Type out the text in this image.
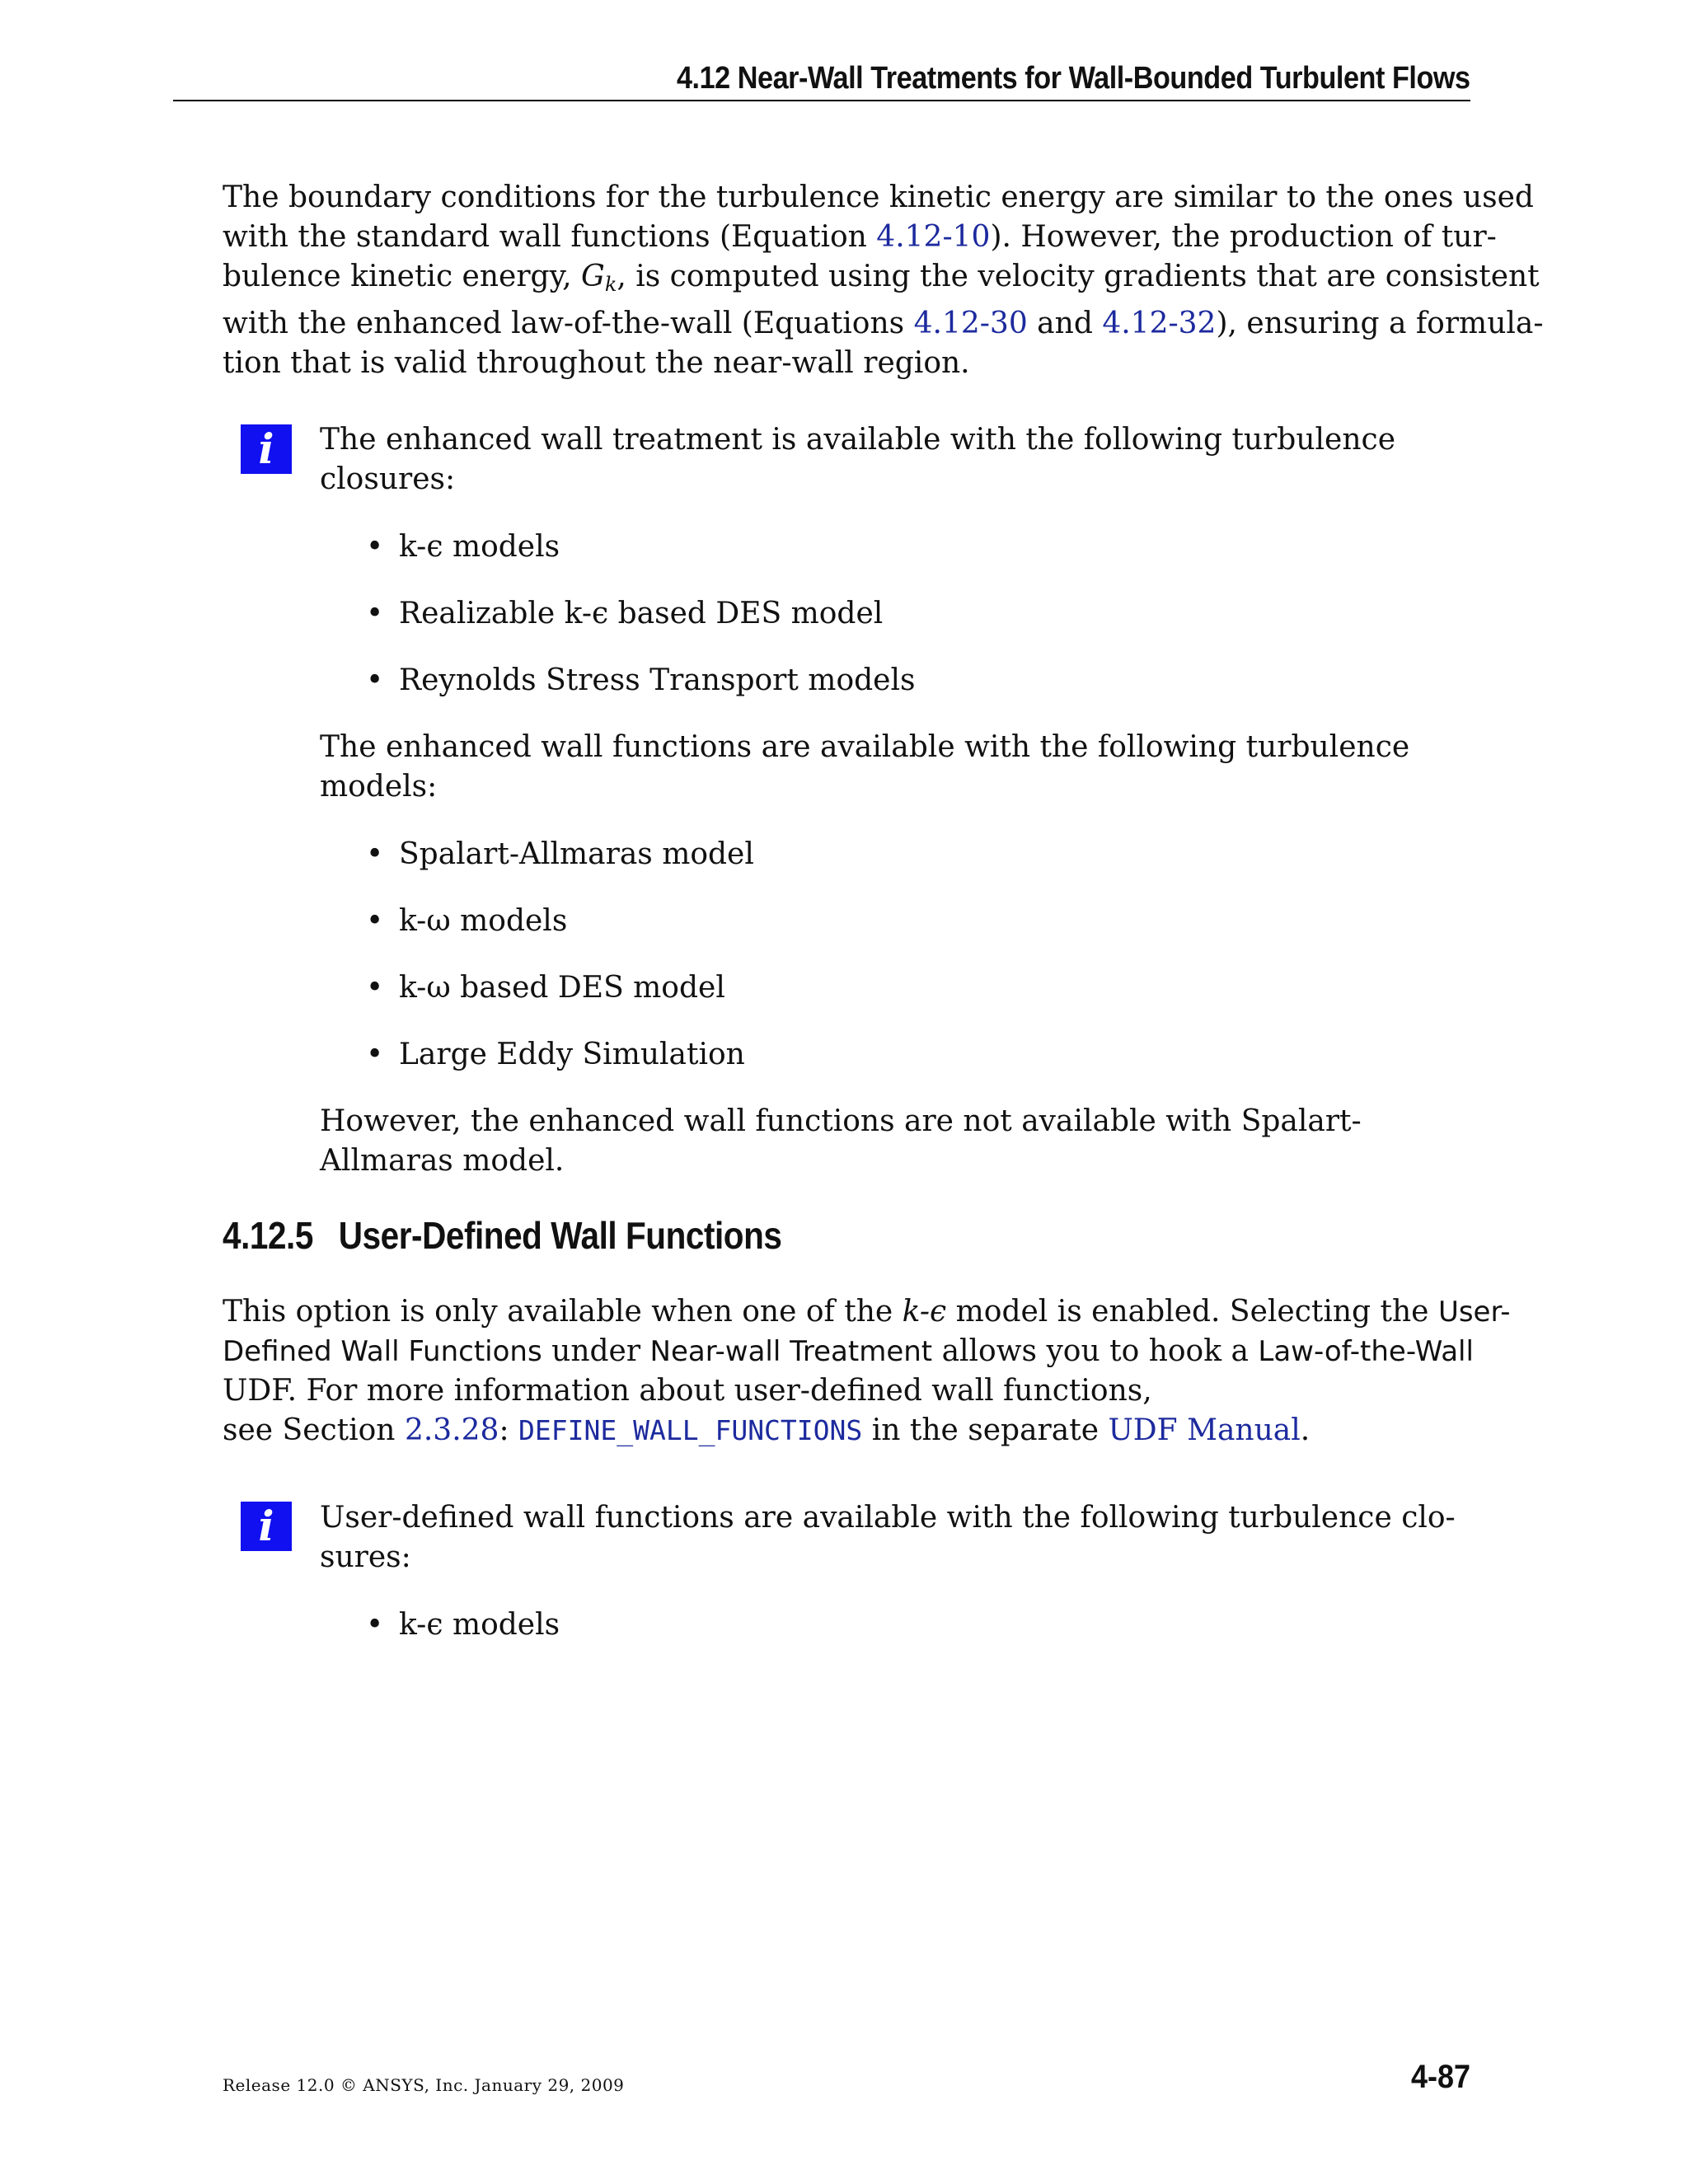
4.12 Near-Wall Treatments for Wall-Bounded Turbulent Flows
The boundary conditions for the turbulence kinetic energy are similar to the ones used
with the standard wall functions (Equation 4.12-10). However, the production of tur-
bulence kinetic energy, $G_k$, is computed using the velocity gradients that are consistent
with the enhanced law-of-the-wall (Equations 4.12-30 and 4.12-32), ensuring a formula-
tion that is valid throughout the near-wall region.
i	The enhanced wall treatment is available with the following turbulence
closures:
• k-ϵ models
• Realizable k-ϵ based DES model
• Reynolds Stress Transport models
The enhanced wall functions are available with the following turbulence
models:
• Spalart-Allmaras model
• k-ω models
• k-ω based DES model
• Large Eddy Simulation
However, the enhanced wall functions are not available with Spalart-
Allmaras model.
4.12.5 User-Defined Wall Functions
This option is only available when one of the k-ϵ model is enabled. Selecting the User-
Defined Wall Functions under Near-wall Treatment allows you to hook a Law-of-the-Wall
UDF. For more information about user-defined wall functions,
see Section 2.3.28: DEFINE_WALL_FUNCTIONS in the separate UDF Manual.
i	User-defined wall functions are available with the following turbulence clo-
sures:
• k-ϵ models
Release 12.0 © ANSYS, Inc. January 29, 2009	4-87
